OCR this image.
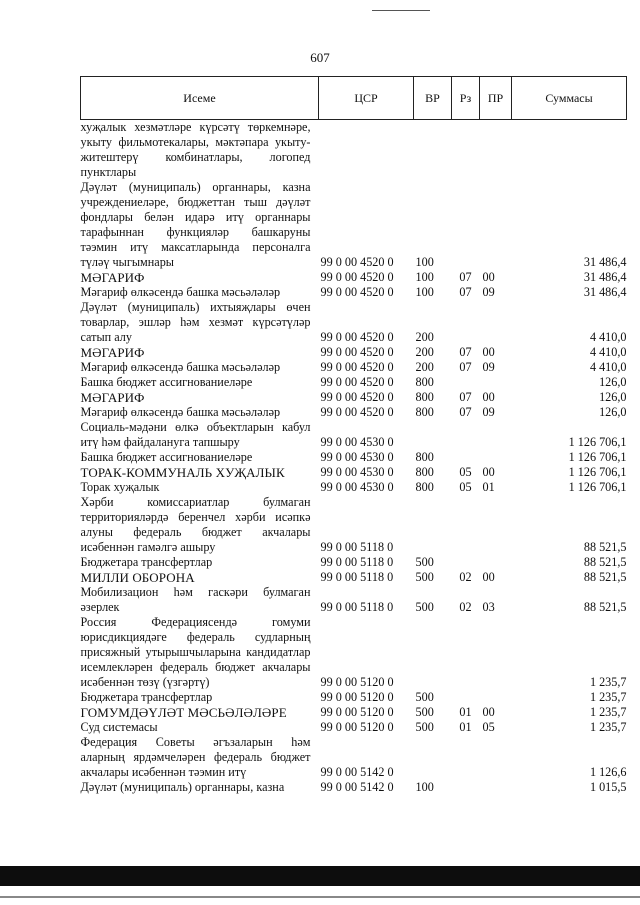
607
Исеме	ЦСР	ВР	Рз	ПР	Суммасы
хуҗалык хезмәтләре күрсәтү төркемнәре, укыту фильмотекалары, мәктәпара укыту-житештерү комбинатлары, логопед пунктлары					
Дәүләт (муниципаль) органнары, казна учреждениеләре, бюджеттан тыш дәүләт фондлары белән идарә итү органнары тарафыннан функцияләр башкаруны тәэмин итү максатларында персоналга түләү чыгымнары	99 0 00 4520 0	100			31 486,4
МӘГАРИФ	99 0 00 4520 0	100	07	00	31 486,4
Мәгариф өлкәсендә башка мәсьәләләр	99 0 00 4520 0	100	07	09	31 486,4
Дәүләт (муниципаль) ихтыяҗлары өчен товарлар, эшләр һәм хезмәт күрсәтүләр сатып алу	99 0 00 4520 0	200			4 410,0
МӘГАРИФ	99 0 00 4520 0	200	07	00	4 410,0
Мәгариф өлкәсендә башка мәсьәләләр	99 0 00 4520 0	200	07	09	4 410,0
Башка бюджет ассигнованиеләре	99 0 00 4520 0	800			126,0
МӘГАРИФ	99 0 00 4520 0	800	07	00	126,0
Мәгариф өлкәсендә башка мәсьәләләр	99 0 00 4520 0	800	07	09	126,0
Социаль-мәдәни өлкә объектларын кабул итү һәм файдалануга тапшыру	99 0 00 4530 0				1 126 706,1
Башка бюджет ассигнованиеләре	99 0 00 4530 0	800			1 126 706,1
ТОРАК-КОММУНАЛЬ ХУҖАЛЫК	99 0 00 4530 0	800	05	00	1 126 706,1
Торак хуҗалык	99 0 00 4530 0	800	05	01	1 126 706,1
Хәрби комиссариатлар булмаган территорияләрдә беренчел хәрби исәпкә алуны федераль бюджет акчалары исәбеннән гамәлгә ашыру	99 0 00 5118 0				88 521,5
Бюджетара трансфертлар	99 0 00 5118 0	500			88 521,5
МИЛЛИ ОБОРОНА	99 0 00 5118 0	500	02	00	88 521,5
Мобилизацион һәм гаскәри булмаган әзерлек	99 0 00 5118 0	500	02	03	88 521,5
Россия Федерациясендә гомуми юрисдикциядәге федераль судларның присяжный утырышчыларына кандидатлар исемлекләрен федераль бюджет акчалары исәбеннән төзү (үзгәртү)	99 0 00 5120 0				1 235,7
Бюджетара трансфертлар	99 0 00 5120 0	500			1 235,7
ГОМУМДӘҮЛӘТ МӘСЬӘЛӘЛӘРЕ	99 0 00 5120 0	500	01	00	1 235,7
Суд системасы	99 0 00 5120 0	500	01	05	1 235,7
Федерация Советы әгъзаларын һәм аларның ярдәмчеләрен федераль бюджет акчалары исәбеннән тәэмин итү	99 0 00 5142 0				1 126,6
Дәүләт (муниципаль) органнары, казна	99 0 00 5142 0	100			1 015,5
